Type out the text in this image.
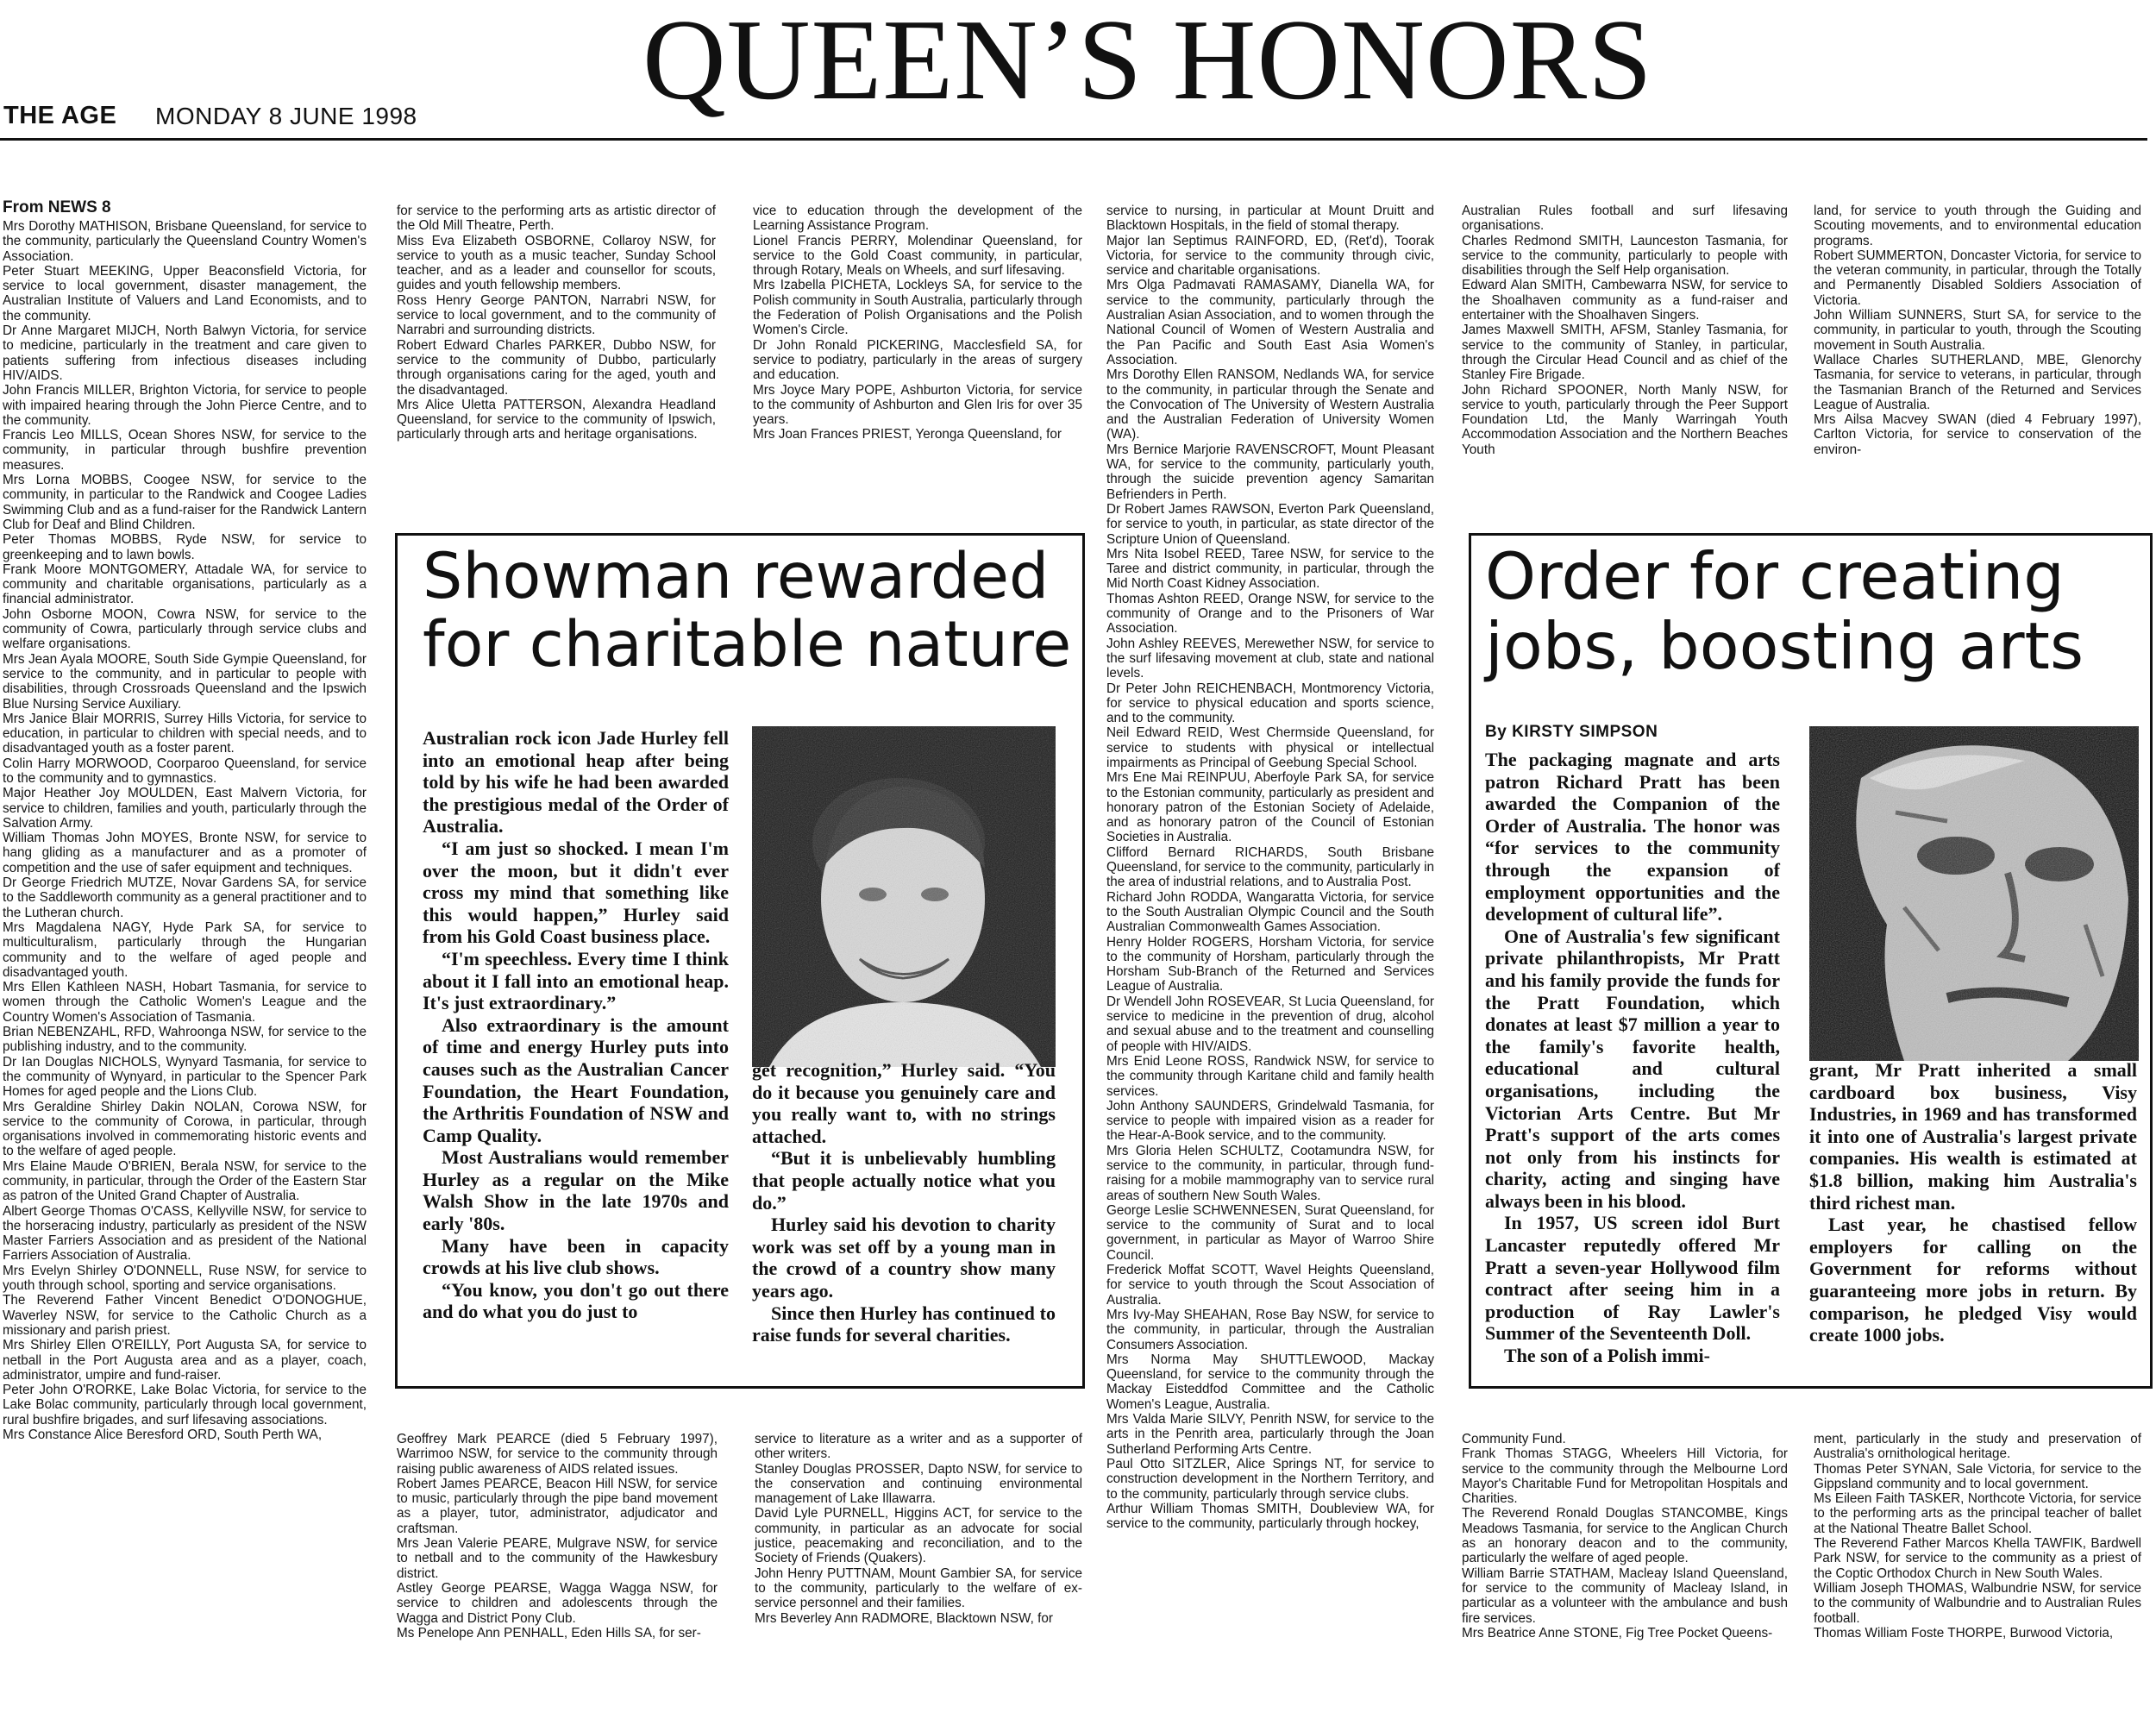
THE AGE MONDAY 8 JUNE 1998 QUEEN’S HONORS
From NEWS 8

Mrs Dorothy MATHISON, Brisbane Queensland, for service to the community, particularly the Queensland Country Women's Association.

Peter Stuart MEEKING, Upper Beaconsfield Victoria, for service to local government, disaster management, the Australian Institute of Valuers and Land Economists, and to the community.

Dr Anne Margaret MIJCH, North Balwyn Victoria, for service to medicine, particularly in the treatment and care given to patients suffering from infectious diseases including HIV/AIDS.

John Francis MILLER, Brighton Victoria, for service to people with impaired hearing through the John Pierce Centre, and to the community.

Francis Leo MILLS, Ocean Shores NSW, for service to the community, in particular through bushfire prevention measures.

Mrs Lorna MOBBS, Coogee NSW, for service to the community, in particular to the Randwick and Coogee Ladies Swimming Club and as a fund-raiser for the Randwick Lantern Club for Deaf and Blind Children.

Peter Thomas MOBBS, Ryde NSW, for service to greenkeeping and to lawn bowls.

Frank Moore MONTGOMERY, Attadale WA, for service to community and charitable organisations, particularly as a financial administrator.

John Osborne MOON, Cowra NSW, for service to the community of Cowra, particularly through service clubs and welfare organisations.

Mrs Jean Ayala MOORE, South Side Gympie Queensland, for service to the community, and in particular to people with disabilities, through Crossroads Queensland and the Ipswich Blue Nursing Service Auxiliary.

Mrs Janice Blair MORRIS, Surrey Hills Victoria, for service to education, in particular to children with special needs, and to disadvantaged youth as a foster parent.

Colin Harry MORWOOD, Coorparoo Queensland, for service to the community and to gymnastics.

Major Heather Joy MOULDEN, East Malvern Victoria, for service to children, families and youth, particularly through the Salvation Army.

William Thomas John MOYES, Bronte NSW, for service to hang gliding as a manufacturer and as a promoter of competition and the use of safer equipment and techniques.

Dr George Friedrich MUTZE, Novar Gardens SA, for service to the Saddleworth community as a general practitioner and to the Lutheran church.

Mrs Magdalena NAGY, Hyde Park SA, for service to multiculturalism, particularly through the Hungarian community and to the welfare of aged people and disadvantaged youth.

Mrs Ellen Kathleen NASH, Hobart Tasmania, for service to women through the Catholic Women's League and the Country Women's Association of Tasmania.

Brian NEBENZAHL, RFD, Wahroonga NSW, for service to the publishing industry, and to the community.

Dr Ian Douglas NICHOLS, Wynyard Tasmania, for service to the community of Wynyard, in particular to the Spencer Park Homes for aged people and the Lions Club.

Mrs Geraldine Shirley Dakin NOLAN, Corowa NSW, for service to the community of Corowa, in particular, through organisations involved in commemorating historic events and to the welfare of aged people.

Mrs Elaine Maude O'BRIEN, Berala NSW, for service to the community, in particular, through the Order of the Eastern Star as patron of the United Grand Chapter of Australia.

Albert George Thomas O'CASS, Kellyville NSW, for service to the horseracing industry, particularly as president of the NSW Master Farriers Association and as president of the National Farriers Association of Australia.

Mrs Evelyn Shirley O'DONNELL, Ruse NSW, for service to youth through school, sporting and service organisations.

The Reverend Father Vincent Benedict O'DONOGHUE, Waverley NSW, for service to the Catholic Church as a missionary and parish priest.

Mrs Shirley Ellen O'REILLY, Port Augusta SA, for service to netball in the Port Augusta area and as a player, coach, administrator, umpire and fund-raiser.

Peter John O'RORKE, Lake Bolac Victoria, for service to the Lake Bolac community, particularly through local government, rural bushfire brigades, and surf lifesaving associations.

Mrs Constance Alice Beresford ORD, South Perth WA,

for service to the performing arts as artistic director of the Old Mill Theatre, Perth.

Miss Eva Elizabeth OSBORNE, Collaroy NSW, for service to youth as a music teacher, Sunday School teacher, and as a leader and counsellor for scouts, guides and youth fellowship members.

Ross Henry George PANTON, Narrabri NSW, for service to local government, and to the community of Narrabri and surrounding districts.

Robert Edward Charles PARKER, Dubbo NSW, for service to the community of Dubbo, particularly through organisations caring for the aged, youth and the disadvantaged.

Mrs Alice Uletta PATTERSON, Alexandra Headland Queensland, for service to the community of Ipswich, particularly through arts and heritage organisations.

vice to education through the development of the Learning Assistance Program.

Lionel Francis PERRY, Molendinar Queensland, for service to the Gold Coast community, in particular, through Rotary, Meals on Wheels, and surf lifesaving.

Mrs Izabella PICHETA, Lockleys SA, for service to the Polish community in South Australia, particularly through the Federation of Polish Organisations and the Polish Women's Circle.

Dr John Ronald PICKERING, Macclesfield SA, for service to podiatry, particularly in the areas of surgery and education.

Mrs Joyce Mary POPE, Ashburton Victoria, for service to the community of Ashburton and Glen Iris for over 35 years.

Mrs Joan Frances PRIEST, Yeronga Queensland, for

service to nursing, in particular at Mount Druitt and Blacktown Hospitals, in the field of stomal therapy.

Major Ian Septimus RAINFORD, ED, (Ret'd), Toorak Victoria, for service to the community through civic, service and charitable organisations.

Mrs Olga Padmavati RAMASAMY, Dianella WA, for service to the community, particularly through the Australian Asian Association, and to women through the National Council of Women of Western Australia and the Pan Pacific and South East Asia Women's Association.

Mrs Dorothy Ellen RANSOM, Nedlands WA, for service to the community, in particular through the Senate and the Convocation of The University of Western Australia and the Australian Federation of University Women (WA).

Mrs Bernice Marjorie RAVENSCROFT, Mount Pleasant WA, for service to the community, particularly youth, through the suicide prevention agency Samaritan Befrienders in Perth.

Dr Robert James RAWSON, Everton Park Queensland, for service to youth, in particular, as state director of the Scripture Union of Queensland.

Mrs Nita Isobel REED, Taree NSW, for service to the Taree and district community, in particular, through the Mid North Coast Kidney Association.

Thomas Ashton REED, Orange NSW, for service to the community of Orange and to the Prisoners of War Association.

John Ashley REEVES, Merewether NSW, for service to the surf lifesaving movement at club, state and national levels.

Dr Peter John REICHENBACH, Montmorency Victoria, for service to physical education and sports science, and to the community.

Neil Edward REID, West Chermside Queensland, for service to students with physical or intellectual impairments as Principal of Geebung Special School.

Mrs Ene Mai REINPUU, Aberfoyle Park SA, for service to the Estonian community, particularly as president and honorary patron of the Estonian Society of Adelaide, and as honorary patron of the Council of Estonian Societies in Australia.

Clifford Bernard RICHARDS, South Brisbane Queensland, for service to the community, particularly in the area of industrial relations, and to Australia Post.

Richard John RODDA, Wangaratta Victoria, for service to the South Australian Olympic Council and the South Australian Commonwealth Games Association.

Henry Holder ROGERS, Horsham Victoria, for service to the community of Horsham, particularly through the Horsham Sub-Branch of the Returned and Services League of Australia.

Dr Wendell John ROSEVEAR, St Lucia Queensland, for service to medicine in the prevention of drug, alcohol and sexual abuse and to the treatment and counselling of people with HIV/AIDS.

Mrs Enid Leone ROSS, Randwick NSW, for service to the community through Karitane child and family health services.

John Anthony SAUNDERS, Grindelwald Tasmania, for service to people with impaired vision as a reader for the Hear-A-Book service, and to the community.

Mrs Gloria Helen SCHULTZ, Cootamundra NSW, for service to the community, in particular, through fund-raising for a mobile mammography van to service rural areas of southern New South Wales.

George Leslie SCHWENNESEN, Surat Queensland, for service to the community of Surat and to local government, in particular as Mayor of Warroo Shire Council.

Frederick Moffat SCOTT, Wavel Heights Queensland, for service to youth through the Scout Association of Australia.

Mrs Ivy-May SHEAHAN, Rose Bay NSW, for service to the community, in particular, through the Australian Consumers Association.

Mrs Norma May SHUTTLEWOOD, Mackay Queensland, for service to the community through the Mackay Eisteddfod Committee and the Catholic Women's League, Australia.

Mrs Valda Marie SILVY, Penrith NSW, for service to the arts in the Penrith area, particularly through the Joan Sutherland Performing Arts Centre.

Paul Otto SITZLER, Alice Springs NT, for service to construction development in the Northern Territory, and to the community, particularly through service clubs.

Arthur William Thomas SMITH, Doubleview WA, for service to the community, particularly through hockey,

Australian Rules football and surf lifesaving organisations.

Charles Redmond SMITH, Launceston Tasmania, for service to the community, particularly to people with disabilities through the Self Help organisation.

Edward Alan SMITH, Cambewarra NSW, for service to the Shoalhaven community as a fund-raiser and entertainer with the Shoalhaven Singers.

James Maxwell SMITH, AFSM, Stanley Tasmania, for service to the community of Stanley, in particular, through the Circular Head Council and as chief of the Stanley Fire Brigade.

John Richard SPOONER, North Manly NSW, for service to youth, particularly through the Peer Support Foundation Ltd, the Manly Warringah Youth Accommodation Association and the Northern Beaches Youth

land, for service to youth through the Guiding and Scouting movements, and to environmental education programs.

Robert SUMMERTON, Doncaster Victoria, for service to the veteran community, in particular, through the Totally and Permanently Disabled Soldiers Association of Victoria.

John William SUNNERS, Sturt SA, for service to the community, in particular to youth, through the Scouting movement in South Australia.

Wallace Charles SUTHERLAND, MBE, Glenorchy Tasmania, for service to veterans, in particular, through the Tasmanian Branch of the Returned and Services League of Australia.

Mrs Ailsa Macvey SWAN (died 4 February 1997), Carlton Victoria, for service to conservation of the environ-

Showman rewarded
for charitable nature

Australian rock icon Jade Hurley fell into an emotional heap after being told by his wife he had been awarded the prestigious medal of the Order of Australia.

“I am just so shocked. I mean I'm over the moon, but it didn't ever cross my mind that something like this would happen,” Hurley said from his Gold Coast business place.

“I'm speechless. Every time I think about it I fall into an emotional heap. It's just extraordinary.”

Also extraordinary is the amount of time and energy Hurley puts into causes such as the Australian Cancer Foundation, the Heart Foundation, the Arthritis Foundation of NSW and Camp Quality.

Most Australians would remember Hurley as a regular on the Mike Walsh Show in the late 1970s and early '80s.

Many have been in capacity crowds at his live club shows.

“You know, you don't go out there and do what you do just to

get recognition,” Hurley said. “You do it because you genuinely care and you really want to, with no strings attached.

“But it is unbelievably humbling that people actually notice what you do.”

Hurley said his devotion to charity work was set off by a young man in the crowd of a country show many years ago.

Since then Hurley has continued to raise funds for several charities.

Order for creating
jobs, boosting arts
By KIRSTY SIMPSON

The packaging magnate and arts patron Richard Pratt has been awarded the Companion of the Order of Australia. The honor was “for services to the community through the expansion of employment opportunities and the development of cultural life”.

One of Australia's few significant private philanthropists, Mr Pratt and his family provide the funds for the Pratt Foundation, which donates at least $7 million a year to the family's favorite health, educational and cultural organisations, including the Victorian Arts Centre. But Mr Pratt's support of the arts comes not only from his instincts for charity, acting and singing have always been in his blood.

In 1957, US screen idol Burt Lancaster reputedly offered Mr Pratt a seven-year Hollywood film contract after seeing him in a production of Ray Lawler's Summer of the Seventeenth Doll.

The son of a Polish immi-

grant, Mr Pratt inherited a small cardboard box business, Visy Industries, in 1969 and has transformed it into one of Australia's largest private companies. His wealth is estimated at $1.8 billion, making him Australia's third richest man.

Last year, he chastised fellow employers for calling on the Government for reforms without guaranteeing more jobs in return. By comparison, he pledged Visy would create 1000 jobs.

Geoffrey Mark PEARCE (died 5 February 1997), Warrimoo NSW, for service to the community through raising public awareness of AIDS related issues.

Robert James PEARCE, Beacon Hill NSW, for service to music, particularly through the pipe band movement as a player, tutor, administrator, adjudicator and craftsman.

Mrs Jean Valerie PEARE, Mulgrave NSW, for service to netball and to the community of the Hawkesbury district.

Astley George PEARSE, Wagga Wagga NSW, for service to children and adolescents through the Wagga and District Pony Club.

Ms Penelope Ann PENHALL, Eden Hills SA, for ser-

service to literature as a writer and as a supporter of other writers.

Stanley Douglas PROSSER, Dapto NSW, for service to the conservation and continuing environmental management of Lake Illawarra.

David Lyle PURNELL, Higgins ACT, for service to the community, in particular as an advocate for social justice, peacemaking and reconciliation, and to the Society of Friends (Quakers).

John Henry PUTTNAM, Mount Gambier SA, for service to the community, particularly to the welfare of ex-service personnel and their families.

Mrs Beverley Ann RADMORE, Blacktown NSW, for

Community Fund.

Frank Thomas STAGG, Wheelers Hill Victoria, for service to the community through the Melbourne Lord Mayor's Charitable Fund for Metropolitan Hospitals and Charities.

The Reverend Ronald Douglas STANCOMBE, Kings Meadows Tasmania, for service to the Anglican Church as an honorary deacon and to the community, particularly the welfare of aged people.

William Barrie STATHAM, Macleay Island Queensland, for service to the community of Macleay Island, in particular as a volunteer with the ambulance and bush fire services.

Mrs Beatrice Anne STONE, Fig Tree Pocket Queens-

ment, particularly in the study and preservation of Australia's ornithological heritage.

Thomas Peter SYNAN, Sale Victoria, for service to the Gippsland community and to local government.

Ms Eileen Faith TASKER, Northcote Victoria, for service to the performing arts as the principal teacher of ballet at the National Theatre Ballet School.

The Reverend Father Marcos Khella TAWFIK, Bardwell Park NSW, for service to the community as a priest of the Coptic Orthodox Church in New South Wales.

William Joseph THOMAS, Walbundrie NSW, for service to the community of Walbundrie and to Australian Rules football.

Thomas William Foste THORPE, Burwood Victoria,
